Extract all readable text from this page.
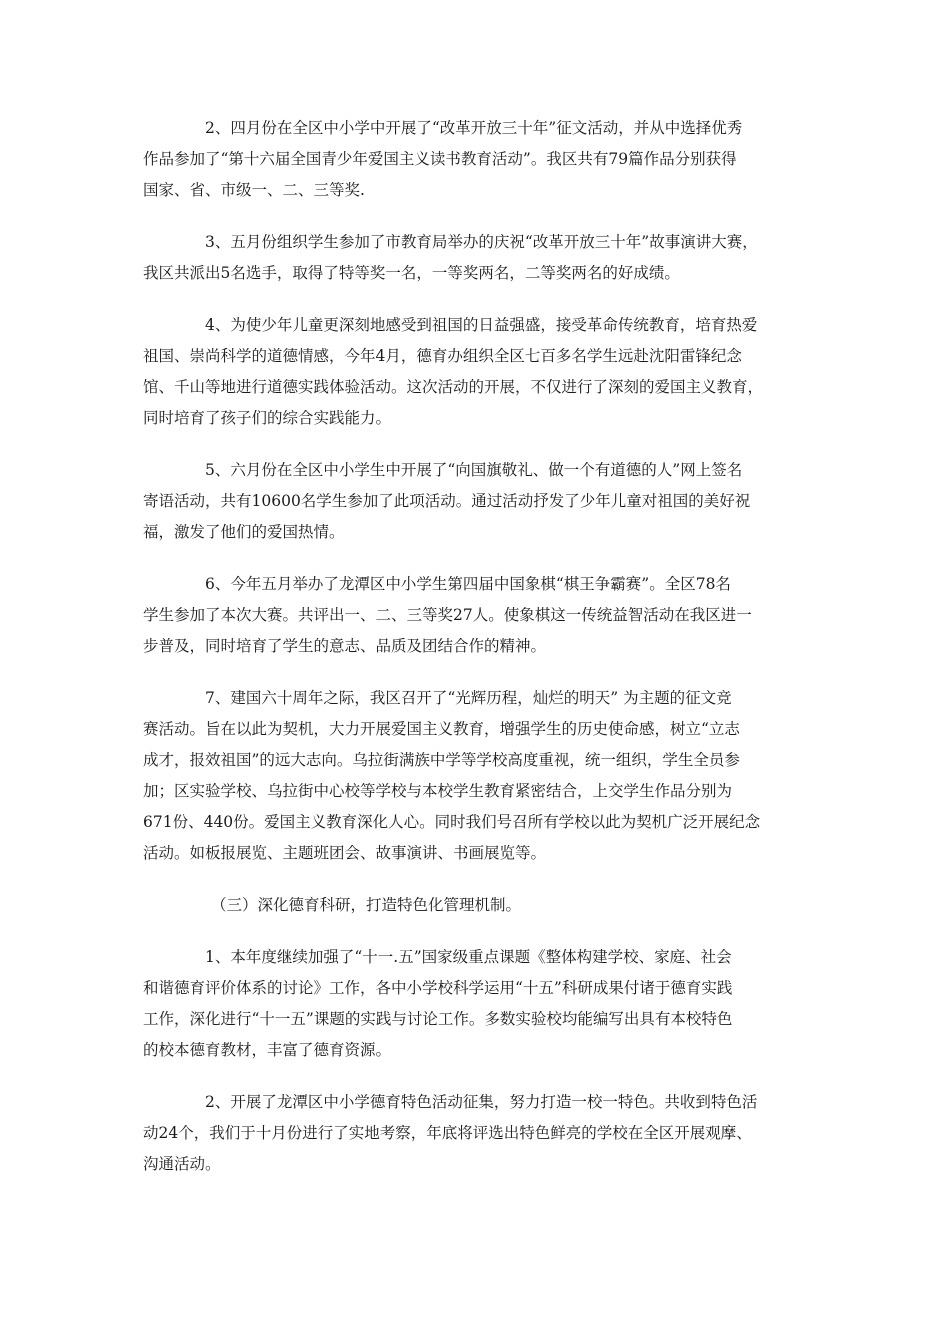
2、四月份在全区中小学中开展了“改革开放三十年”征文活动，并从中选择优秀
作品参加了“第十六届全国青少年爱国主义读书教育活动”。我区共有79篇作品分别获得
国家、省、市级一、二、三等奖.
3、五月份组织学生参加了市教育局举办的庆祝“改革开放三十年”故事演讲大赛，
我区共派出5名选手，取得了特等奖一名，一等奖两名，二等奖两名的好成绩。
4、为使少年儿童更深刻地感受到祖国的日益强盛，接受革命传统教育，培育热爱
祖国、崇尚科学的道德情感，今年4月，德育办组织全区七百多名学生远赴沈阳雷锋纪念
馆、千山等地进行道德实践体验活动。这次活动的开展，不仅进行了深刻的爱国主义教育，
同时培育了孩子们的综合实践能力。
5、六月份在全区中小学生中开展了“向国旗敬礼、做一个有道德的人”网上签名
寄语活动，共有10600名学生参加了此项活动。通过活动抒发了少年儿童对祖国的美好祝
福，激发了他们的爱国热情。
6、今年五月举办了龙潭区中小学生第四届中国象棋“棋王争霸赛”。全区78名
学生参加了本次大赛。共评出一、二、三等奖27人。使象棋这一传统益智活动在我区进一
步普及，同时培育了学生的意志、品质及团结合作的精神。
7、建国六十周年之际，我区召开了“光辉历程，灿烂的明天” 为主题的征文竞
赛活动。旨在以此为契机，大力开展爱国主义教育，增强学生的历史使命感，树立“立志
成才，报效祖国”的远大志向。乌拉街满族中学等学校高度重视，统一组织，学生全员参
加；区实验学校、乌拉街中心校等学校与本校学生教育紧密结合，上交学生作品分别为
671份、440份。爱国主义教育深化人心。同时我们号召所有学校以此为契机广泛开展纪念
活动。如板报展览、主题班团会、故事演讲、书画展览等。
（三）深化德育科研，打造特色化管理机制。
1、本年度继续加强了“十一.五”国家级重点课题《整体构建学校、家庭、社会
和谐德育评价体系的讨论》工作，各中小学校科学运用“十五”科研成果付诸于德育实践
工作，深化进行“十一五”课题的实践与讨论工作。多数实验校均能编写出具有本校特色
的校本德育教材，丰富了德育资源。
2、开展了龙潭区中小学德育特色活动征集，努力打造一校一特色。共收到特色活
动24个，我们于十月份进行了实地考察，年底将评选出特色鲜亮的学校在全区开展观摩、
沟通活动。
